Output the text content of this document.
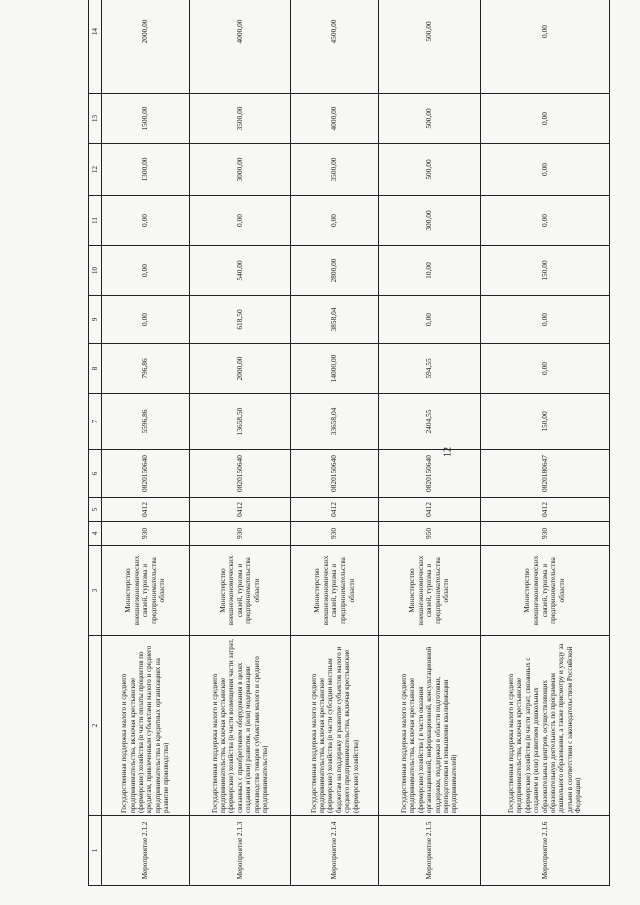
12
1	2	3	4	5	6	7	8	9	10	11	12	13	14
Мероприятие 2.1.2	Государственная поддержка малого и среднего предпринимательства, включая крестьянские (фермерские) хозяйства (в части оплаты процентов по кредитам, привлеченным субъектами малого и среднего предпринимательства в кредитных организациях на развитие производства)	Министерство внешнеэкономических связей, туризма и предпринимательства области	930	0412	0820150640	5596,86	796,86	0,00	0,00	0,00	1300,00	1500,00	2000,00
Мероприятие 2.1.3	Государственная поддержка малого и среднего предпринимательства, включая крестьянские (фермерские) хозяйства (в части возмещения части затрат, связанных с приобретением оборудования в целях создания и (или) развития, и (или) модернизации производства товаров субъектами малого и среднего предпринимательства)	Министерство внешнеэкономических связей, туризма и предпринимательства области	930	0412	0820150640	13658,50	2000,00	618,50	540,00	0,00	3000,00	3500,00	4000,00
Мероприятие 2.1.4	Государственная поддержка малого и среднего предпринимательства, включая крестьянские (фермерские) хозяйства (в части субсидии местным бюджетам на поддержку и развитие субъектов малого и среднего предпринимательства, включая крестьянские (фермерские) хозяйства)	Министерство внешнеэкономических связей, туризма и предпринимательства области	930	0412	0820150640	33658,04	14000,00	3858,04	2800,00	0,00	3500,00	4000,00	4500,00
Мероприятие 2.1.5	Государственная поддержка малого и среднего предпринимательства, включая крестьянские (фермерские) хозяйства ( в части оказания организационной, информационной, консультационной поддержки, поддержки в области подготовки, переподготовки и повышения квалификации предпринимателей)	Министерство внешнеэкономических связей, туризма и предпринимательства области	950	0412	0820150640	2404,55	594,55	0,00	10,00	300,00	500,00	500,00	500,00
Мероприятие 2.1.6	Государственная поддержка малого и среднего предпринимательства, включая крестьянские (фермерские) хозяйства (в части затрат, связанных с созданием и (или) развитием дошкольных образовательных центров, осуществляющих образовательную деятельность по программам дошкольного образования, а также присмотру и уходу за детьми в соответствии с законодательством Российской Федерации)	Министерство внешнеэкономических связей, туризма и предпринимательства области	930	0412	0820180647	150,00	0,00	0,00	150,00	0,00	0,00	0,00	0,00
